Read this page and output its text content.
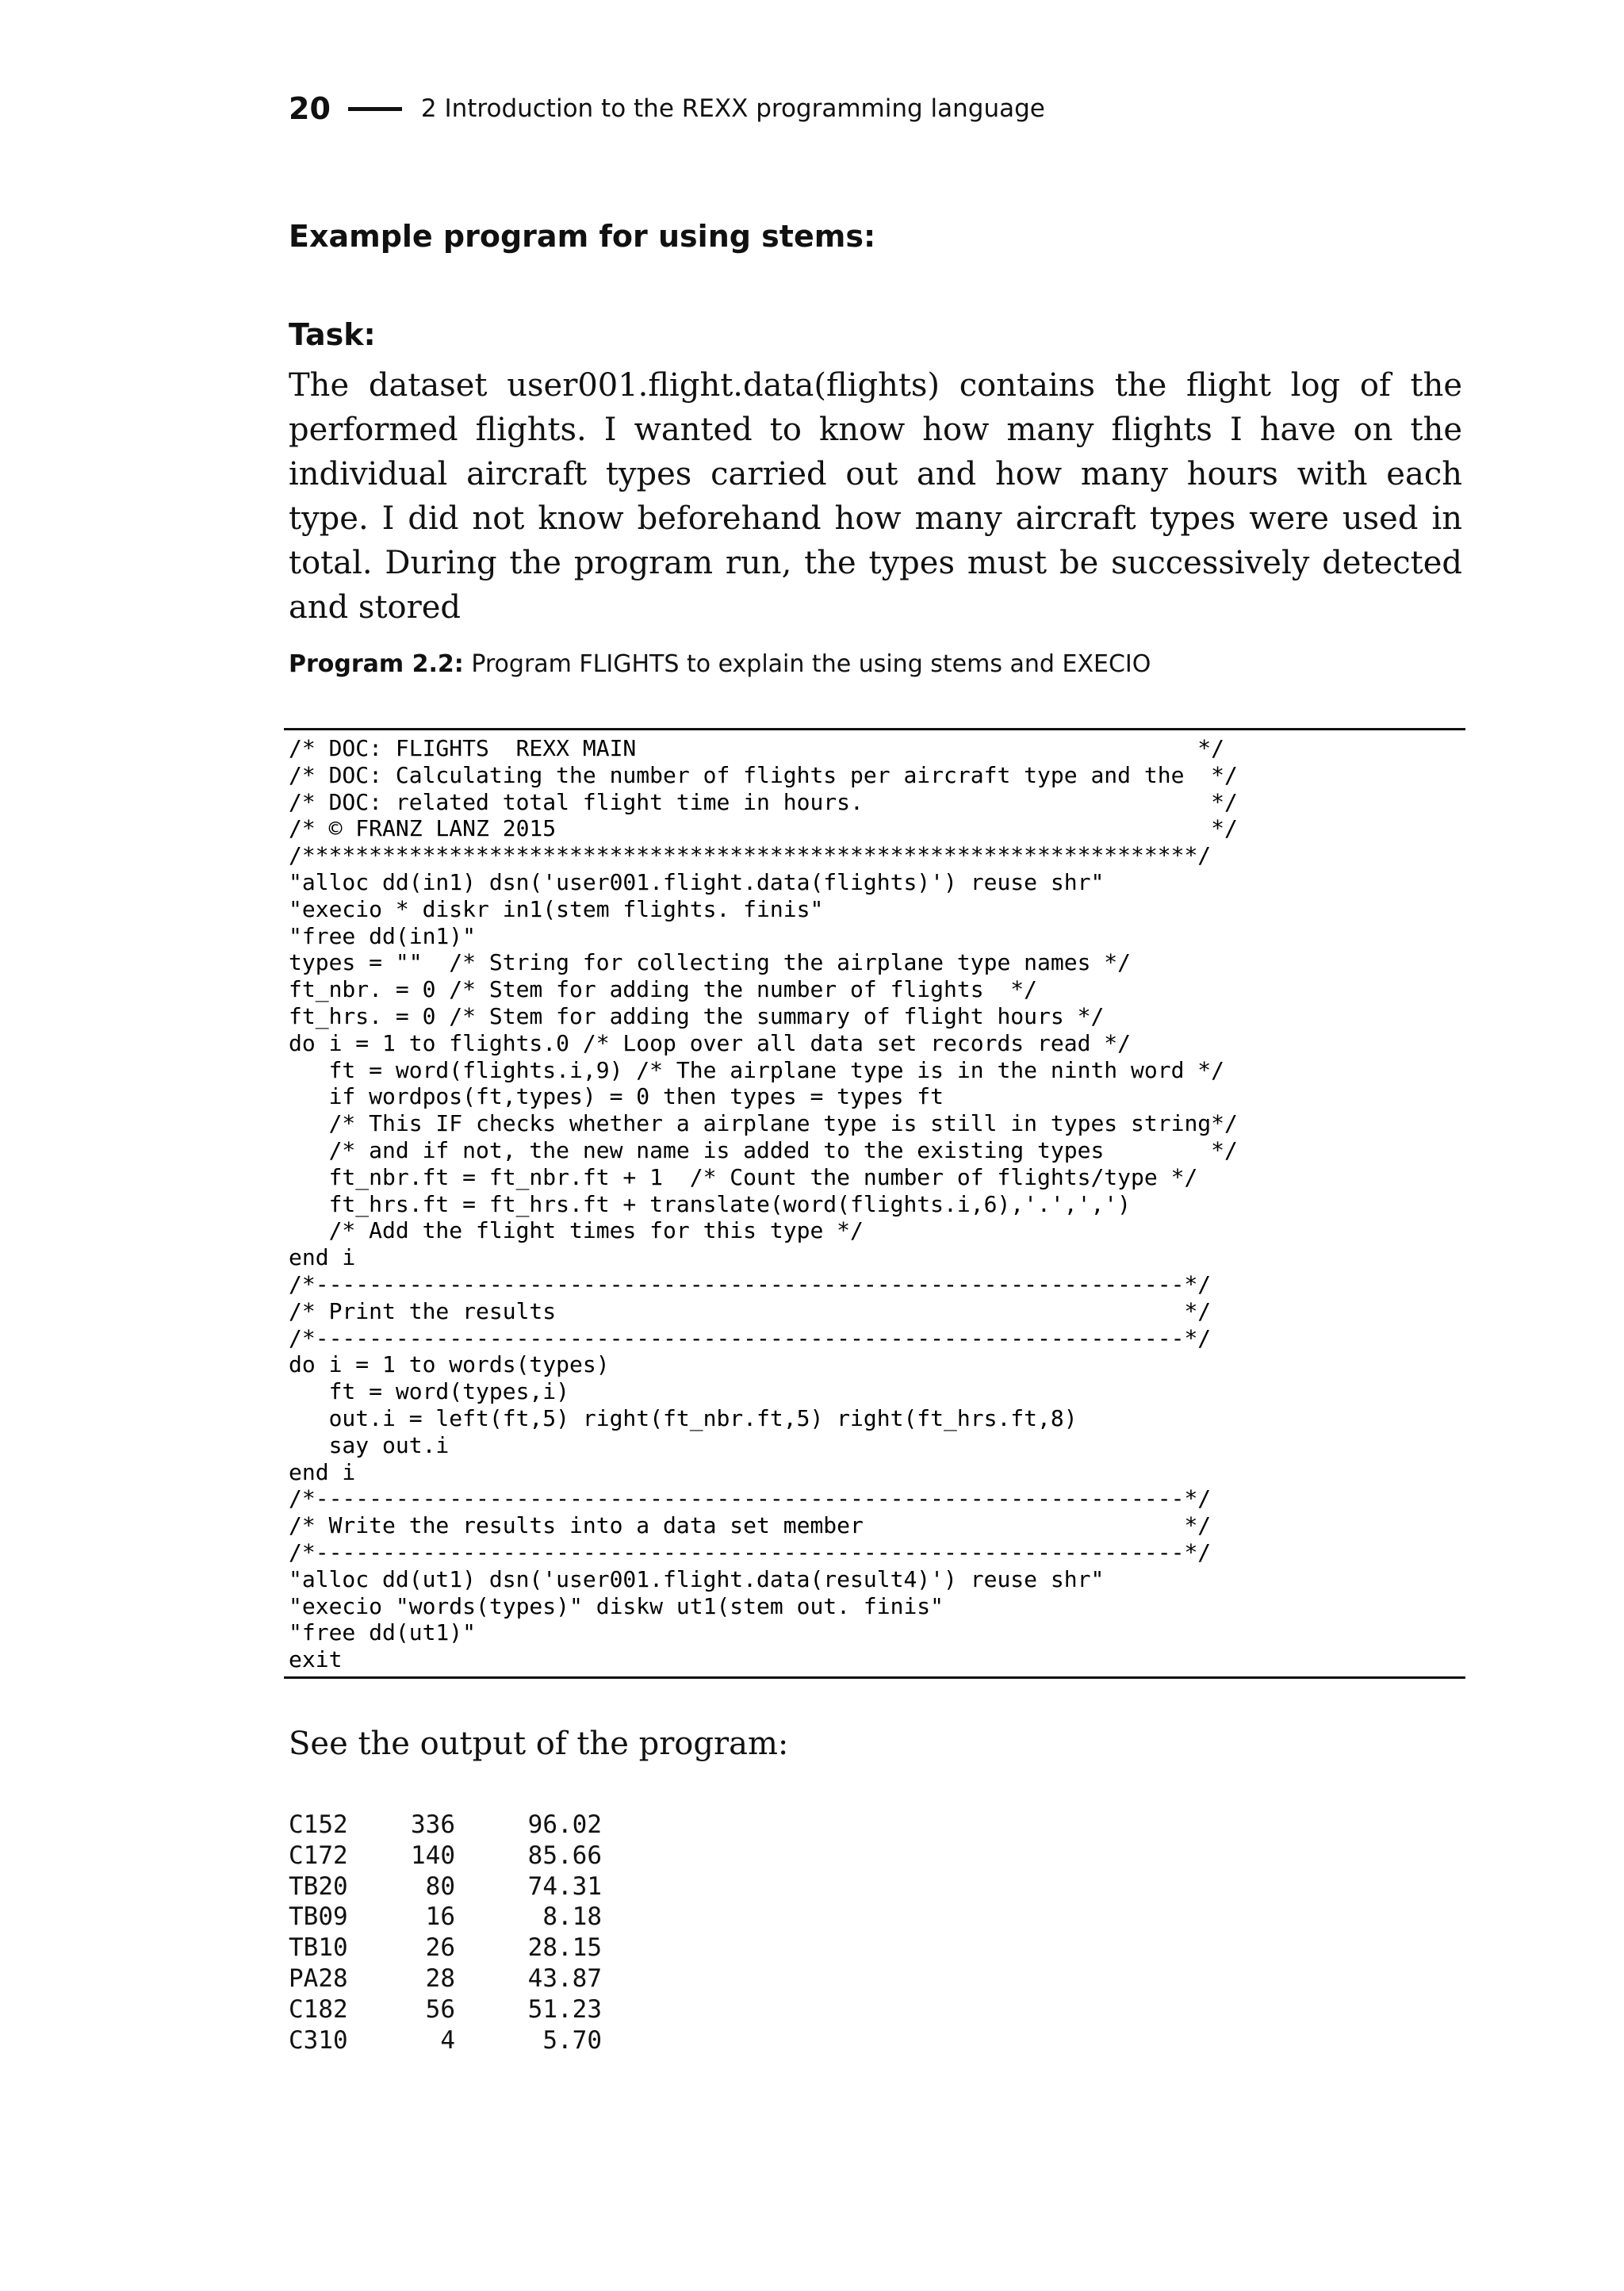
20	2 Introduction to the REXX programming language
Example program for using stems:
Task:

The dataset user001.flight.data(flights) contains the flight log of the performed flights. I wanted to know how many flights I have on the individual aircraft types carried out and how many hours with each type. I did not know beforehand how many aircraft types were used in total. During the program run, the types must be successively detected and stored

Program 2.2: Program FLIGHTS to explain the using stems and EXECIO

/* DOC: FLIGHTS  REXX MAIN                                          */
/* DOC: Calculating the number of flights per aircraft type and the  */
/* DOC: related total flight time in hours.                          */
/* © FRANZ LANZ 2015                                                 */
/*******************************************************************/
"alloc dd(in1) dsn('user001.flight.data(flights)') reuse shr"
"execio * diskr in1(stem flights. finis"
"free dd(in1)"
types = ""  /* String for collecting the airplane type names */
ft_nbr. = 0 /* Stem for adding the number of flights  */
ft_hrs. = 0 /* Stem for adding the summary of flight hours */
do i = 1 to flights.0 /* Loop over all data set records read */
ft = word(flights.i,9) /* The airplane type is in the ninth word */
if wordpos(ft,types) = 0 then types = types ft
/* This IF checks whether a airplane type is still in types string*/
/* and if not, the new name is added to the existing types        */
ft_nbr.ft = ft_nbr.ft + 1  /* Count the number of flights/type */
ft_hrs.ft = ft_hrs.ft + translate(word(flights.i,6),'.',',')
/* Add the flight times for this type */
end i
/*-----------------------------------------------------------------*/
/* Print the results                                               */
/*-----------------------------------------------------------------*/
do i = 1 to words(types)
ft = word(types,i)
out.i = left(ft,5) right(ft_nbr.ft,5) right(ft_hrs.ft,8)
say out.i
end i
/*-----------------------------------------------------------------*/
/* Write the results into a data set member                        */
/*-----------------------------------------------------------------*/
"alloc dd(ut1) dsn('user001.flight.data(result4)') reuse shr"
"execio "words(types)" diskw ut1(stem out. finis"
"free dd(ut1)"
exit

See the output of the program:

C152	336	96.02
C172	140	85.66
TB20	80	74.31
TB09	16	8.18
TB10	26	28.15
PA28	28	43.87
C182	56	51.23
C310	4	5.70
